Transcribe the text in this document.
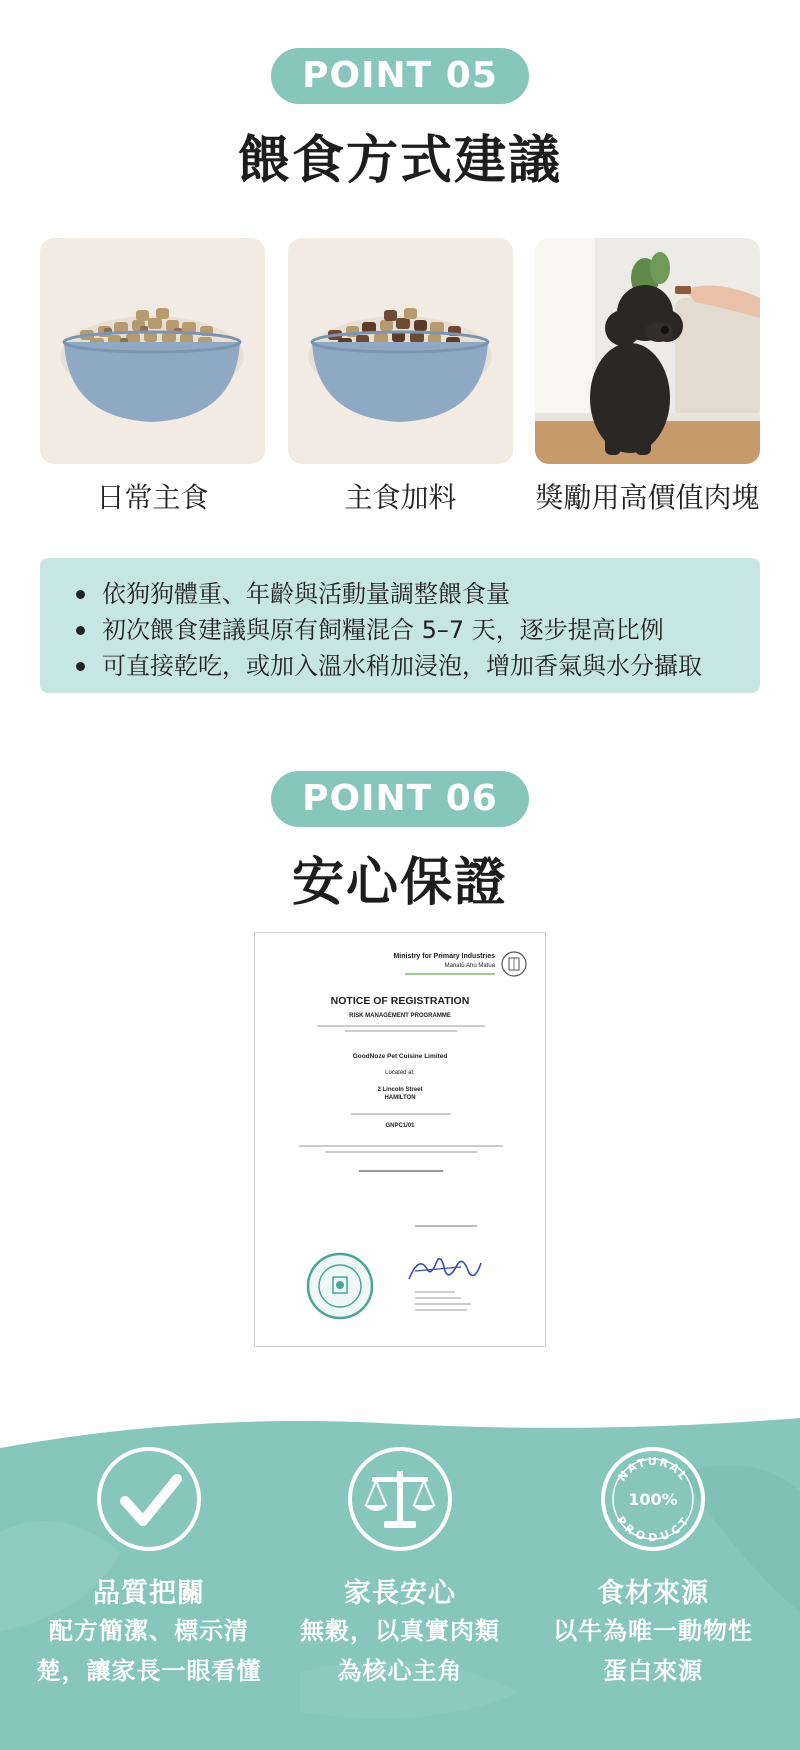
POINT 05
餵食方式建議
日常主食	主食加料	獎勵用高價值肉塊
依狗狗體重、年齡與活動量調整餵食量
初次餵食建議與原有飼糧混合 5–7 天，逐步提高比例
可直接乾吃，或加入溫水稍加浸泡，增加香氣與水分攝取
POINT 06
安心保證
Ministry for Primary Industries
Manatū Ahu Matua
NOTICE OF REGISTRATION
RISK MANAGEMENT PROGRAMME
GoodNoze Pet Cuisine Limited
Located at:
2 Lincoln Street
HAMILTON
GNPC1/01
品質把關
配方簡潔、標示清
楚，讓家長一眼看懂
家長安心
無穀，以真實肉類
為核心主角
NATURAL
PRODUCT
100%
食材來源
以牛為唯一動物性
蛋白來源
